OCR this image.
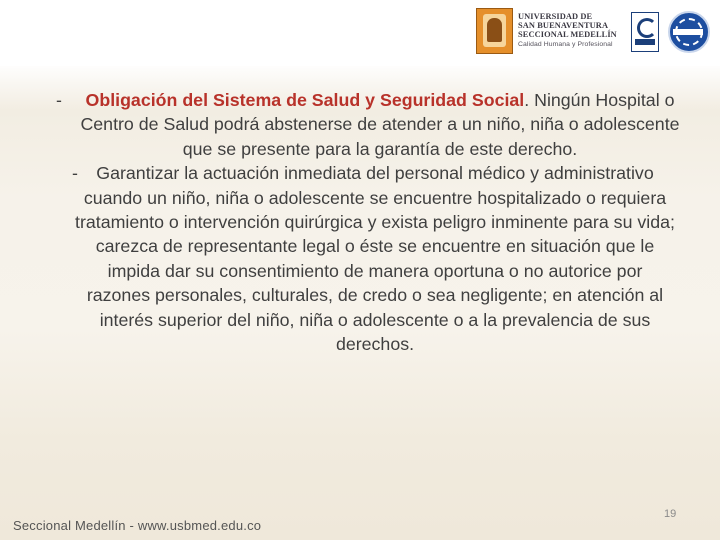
UNIVERSIDAD DE
SAN BUENAVENTURA
SECCIONAL MEDELLÍN
Calidad Humana y Profesional

- Obligación del Sistema de Salud y Seguridad Social. Ningún Hospital o Centro de Salud podrá abstenerse de atender a un niño, niña o adolescente que se presente para la garantía de este derecho.

- Garantizar la actuación inmediata del personal médico y administrativo cuando un niño, niña o adolescente se encuentre hospitalizado o requiera tratamiento o intervención quirúrgica y exista peligro inminente para su vida; carezca de representante legal o éste se encuentre en situación que le impida dar su consentimiento de manera oportuna o no autorice por razones personales, culturales, de credo o sea negligente; en atención al interés superior del niño, niña o adolescente o a la prevalencia de sus derechos.

Seccional Medellín - www.usbmed.edu.co
19
